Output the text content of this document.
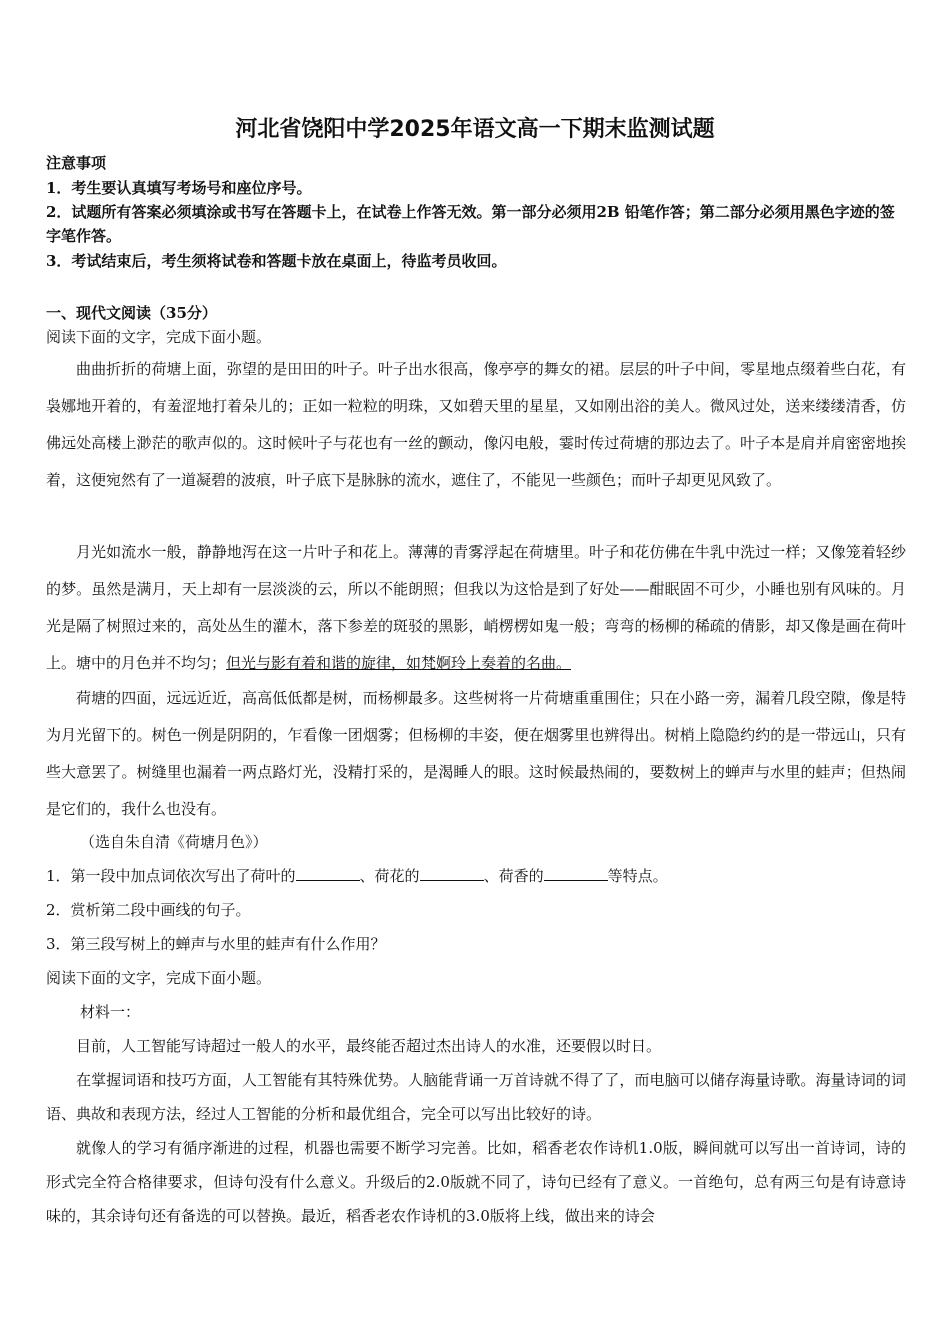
河北省饶阳中学2025年语文高一下期末监测试题
注意事项
1．考生要认真填写考场号和座位序号。
2．试题所有答案必须填涂或书写在答题卡上，在试卷上作答无效。第一部分必须用2B 铅笔作答；第二部分必须用黑色字迹的签字笔作答。
3．考试结束后，考生须将试卷和答题卡放在桌面上，待监考员收回。
一、现代文阅读（35分）
阅读下面的文字，完成下面小题。
曲曲折折的荷塘上面，弥望的是田田的叶子。叶子出水很高，像亭亭的舞女的裙。层层的叶子中间，零星地点缀着些白花，有袅娜地开着的，有羞涩地打着朵儿的；正如一粒粒的明珠，又如碧天里的星星，又如刚出浴的美人。微风过处，送来缕缕清香，仿佛远处高楼上渺茫的歌声似的。这时候叶子与花也有一丝的颤动，像闪电般，霎时传过荷塘的那边去了。叶子本是肩并肩密密地挨着，这便宛然有了一道凝碧的波痕，叶子底下是脉脉的流水，遮住了，不能见一些颜色；而叶子却更见风致了。
月光如流水一般，静静地泻在这一片叶子和花上。薄薄的青雾浮起在荷塘里。叶子和花仿佛在牛乳中洗过一样；又像笼着轻纱的梦。虽然是满月，天上却有一层淡淡的云，所以不能朗照；但我以为这恰是到了好处——酣眠固不可少，小睡也别有风味的。月光是隔了树照过来的，高处丛生的灌木，落下参差的斑驳的黑影，峭楞楞如鬼一般；弯弯的杨柳的稀疏的倩影，却又像是画在荷叶上。塘中的月色并不均匀；但光与影有着和谐的旋律，如梵婀玲上奏着的名曲。
荷塘的四面，远远近近，高高低低都是树，而杨柳最多。这些树将一片荷塘重重围住；只在小路一旁，漏着几段空隙，像是特为月光留下的。树色一例是阴阴的，乍看像一团烟雾；但杨柳的丰姿，便在烟雾里也辨得出。树梢上隐隐约约的是一带远山，只有些大意罢了。树缝里也漏着一两点路灯光，没精打采的，是渴睡人的眼。这时候最热闹的，要数树上的蝉声与水里的蛙声；但热闹是它们的，我什么也没有。
（选自朱自清《荷塘月色》）
1．第一段中加点词依次写出了荷叶的	、荷花的	、荷香的	等特点。
2．赏析第二段中画线的句子。
3．第三段写树上的蝉声与水里的蛙声有什么作用？
阅读下面的文字，完成下面小题。
材料一：
目前，人工智能写诗超过一般人的水平，最终能否超过杰出诗人的水准，还要假以时日。
在掌握词语和技巧方面，人工智能有其特殊优势。人脑能背诵一万首诗就不得了了，而电脑可以储存海量诗歌。海量诗词的词语、典故和表现方法，经过人工智能的分析和最优组合，完全可以写出比较好的诗。
就像人的学习有循序渐进的过程，机器也需要不断学习完善。比如，稻香老农作诗机1.0版，瞬间就可以写出一首诗词，诗的形式完全符合格律要求，但诗句没有什么意义。升级后的2.0版就不同了，诗句已经有了意义。一首绝句，总有两三句是有诗意诗味的，其余诗句还有备选的可以替换。最近，稻香老农作诗机的3.0版将上线，做出来的诗会
